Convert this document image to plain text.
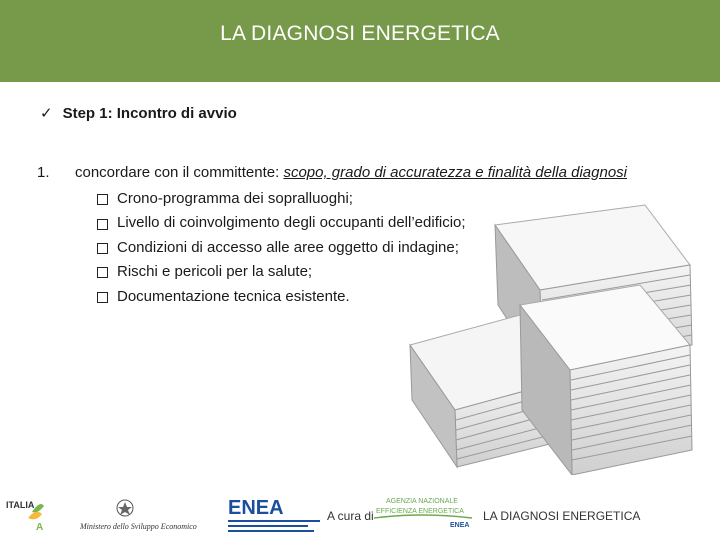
LA DIAGNOSI ENERGETICA
✓ Step 1: Incontro di avvio
1.	concordare con il committente: scopo, grado di accuratezza e finalità della diagnosi
Crono-programma dei sopralluoghi;
Livello di coinvolgimento degli occupanti dell’edificio;
Condizioni di accesso alle aree oggetto di indagine;
Rischi e pericoli per la salute;
Documentazione tecnica esistente.
ITALIA
A	Ministero dello Sviluppo Economico
ENEA	A cura di
AGENZIA NAZIONALE
EFFICIENZA ENERGETICA
ENEA
LA DIAGNOSI ENERGETICA
